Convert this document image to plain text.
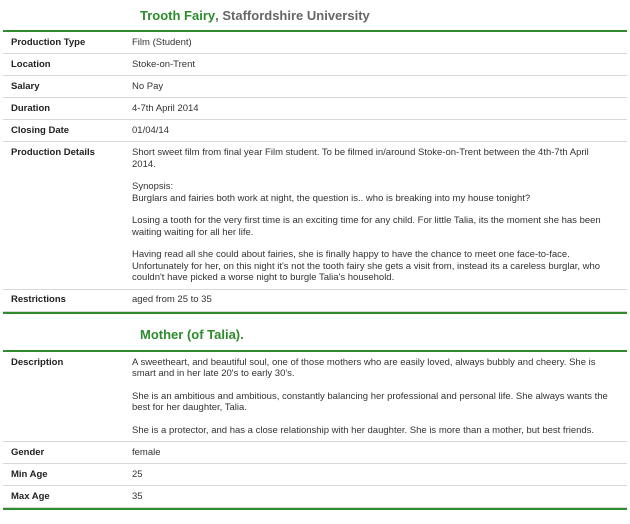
Trooth Fairy ,
Staffordshire University
Production Type	Film (Student)
Location	Stoke-on-Trent
Salary	No Pay
Duration	4-7th April 2014
Closing Date	01/04/14
Production Details	Short sweet film from final year Film student. To be filmed in/around Stoke-on-Trent between the 4th-7th April 2014.

Synopsis:
Burglars and fairies both work at night, the question is.. who is breaking into my house tonight?

Losing a tooth for the very first time is an exciting time for any child. For little Talia, its the moment she has been waiting waiting for all her life.

Having read all she could about fairies, she is finally happy to have the chance to meet one face-to-face. Unfortunately for her, on this night it's not the tooth fairy she gets a visit from, instead its a careless burglar, who couldn't have picked a worse night to burgle Talia's household.

Restrictions	aged from 25 to 35
Mother (of Talia).
Description	A sweetheart, and beautiful soul, one of those mothers who are easily loved, always bubbly and cheery. She is smart and in her late 20's to early 30's.

She is an ambitious and ambitious, constantly balancing her professional and personal life. She always wants the best for her daughter, Talia.

She is a protector, and has a close relationship with her daughter. She is more than a mother, but best friends.

Gender	female
Min Age	25
Max Age	35
